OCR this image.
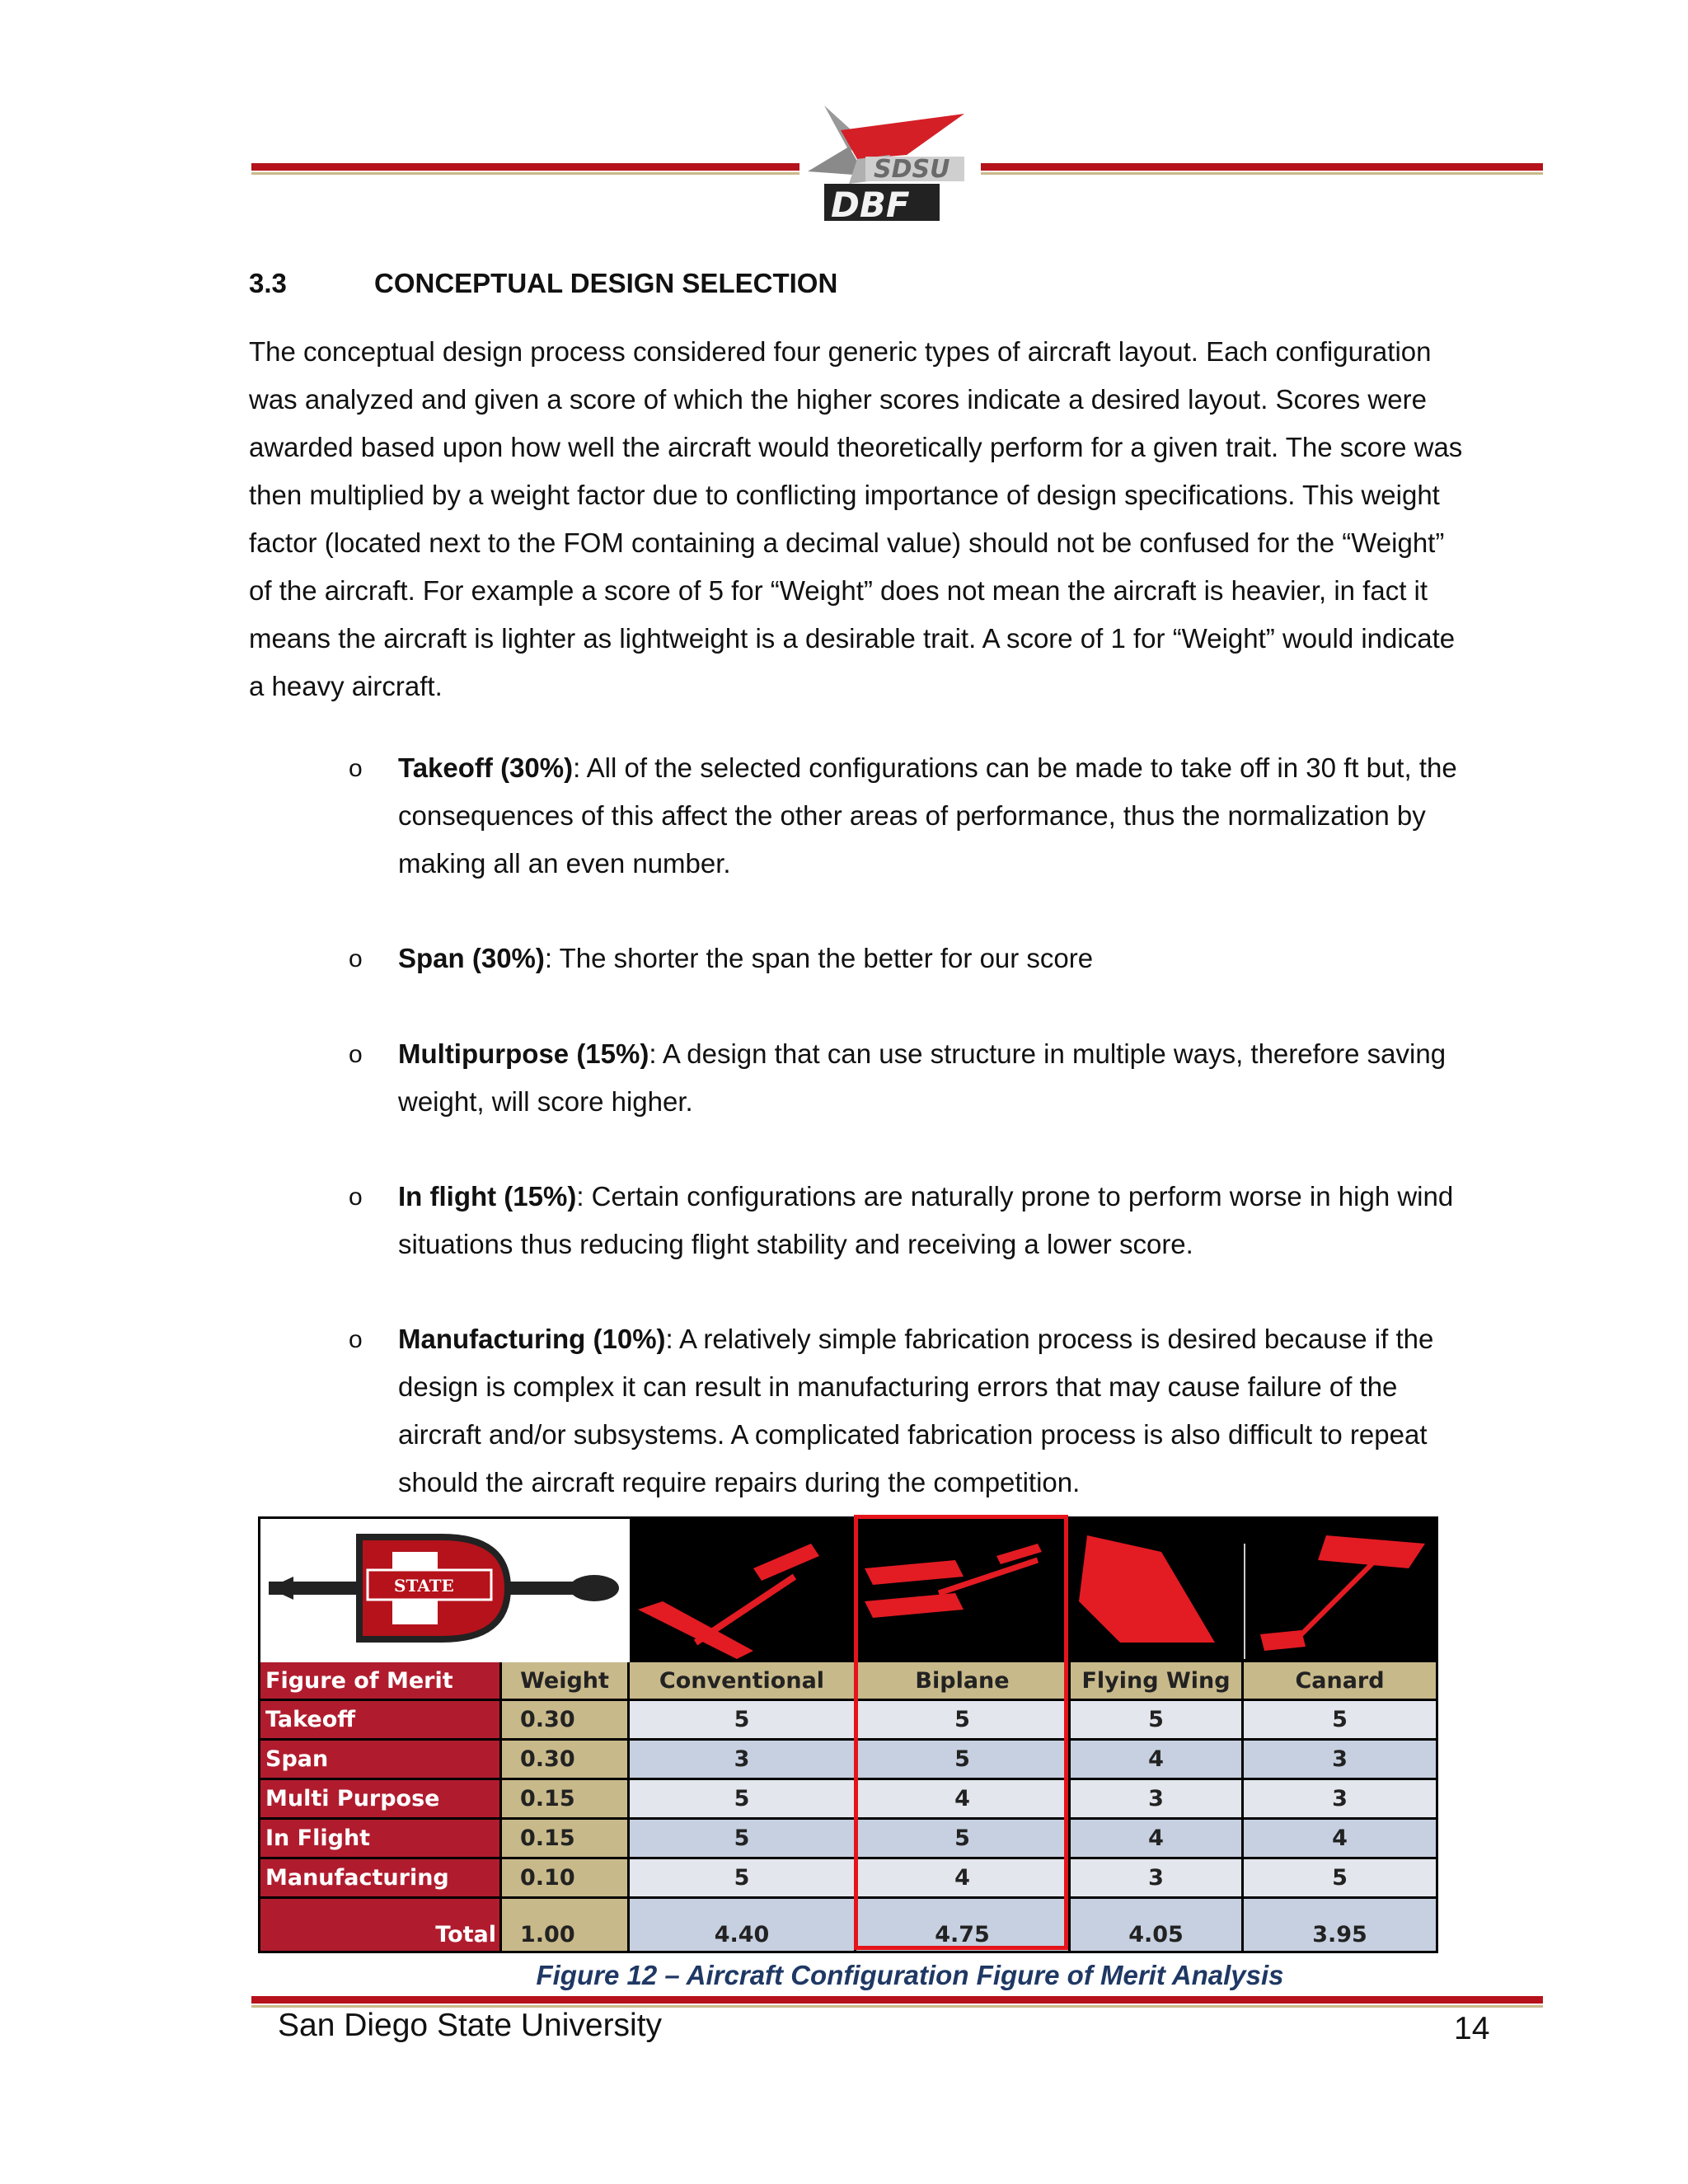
SDSU
DBF
3.3	CONCEPTUAL DESIGN SELECTION
The conceptual design process considered four generic types of aircraft layout. Each configuration
was analyzed and given a score of which the higher scores indicate a desired layout. Scores were
awarded based upon how well the aircraft would theoretically perform for a given trait. The score was
then multiplied by a weight factor due to conflicting importance of design specifications. This weight
factor (located next to the FOM containing a decimal value) should not be confused for the “Weight”
of the aircraft. For example a score of 5 for “Weight” does not mean the aircraft is heavier, in fact it
means the aircraft is lighter as lightweight is a desirable trait. A score of 1 for “Weight” would indicate
a heavy aircraft.
o Takeoff (30%): All of the selected configurations can be made to take off in 30 ft but, the
consequences of this affect the other areas of performance, thus the normalization by
making all an even number.
o Span (30%): The shorter the span the better for our score
o Multipurpose (15%): A design that can use structure in multiple ways, therefore saving
weight, will score higher.
o In flight (15%): Certain configurations are naturally prone to perform worse in high wind
situations thus reducing flight stability and receiving a lower score.
o Manufacturing (10%): A relatively simple fabrication process is desired because if the
design is complex it can result in manufacturing errors that may cause failure of the
aircraft and/or subsystems. A complicated fabrication process is also difficult to repeat
should the aircraft require repairs during the competition.
STATE
Figure of Merit	Weight	Conventional	Biplane	Flying Wing	Canard
Takeoff	0.30	5	5	5	5
Span	0.30	3	5	4	3
Multi Purpose	0.15	5	4	3	3
In Flight	0.15	5	5	4	4
Manufacturing	0.10	5	4	3	5
Total	1.00	4.40	4.75	4.05	3.95
Figure 12 – Aircraft Configuration Figure of Merit Analysis
San Diego State University	14
